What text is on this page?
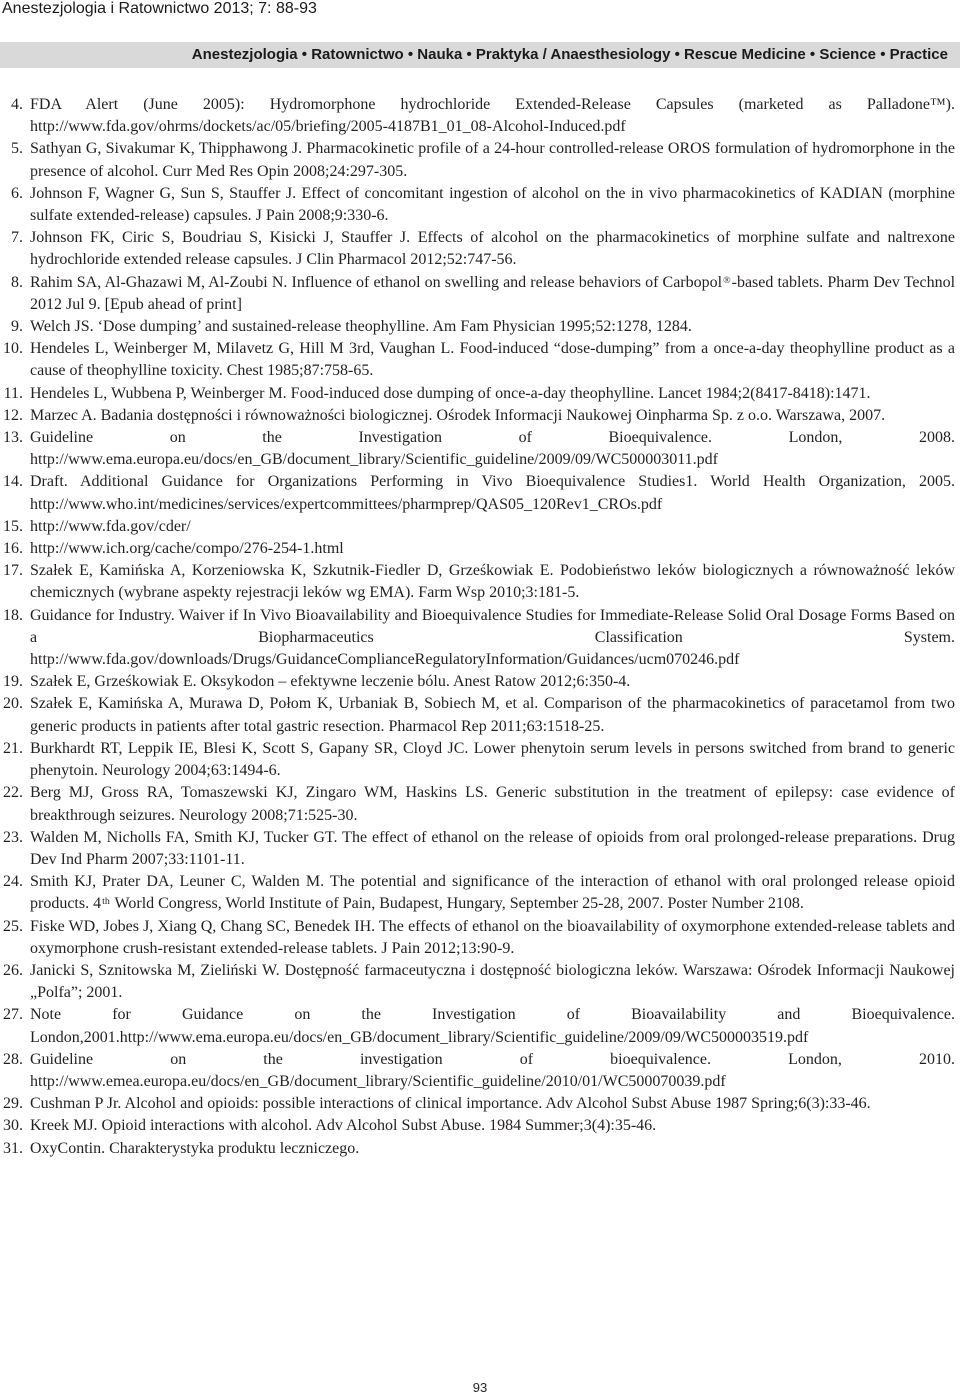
Anestezjologia i Ratownictwo 2013; 7: 88-93
Anestezjologia • Ratownictwo • Nauka • Praktyka / Anaesthesiology • Rescue Medicine • Science • Practice
4. FDA Alert (June 2005): Hydromorphone hydrochloride Extended-Release Capsules (marketed as Palladone™). http://www.fda.gov/ohrms/dockets/ac/05/briefing/2005-4187B1_01_08-Alcohol-Induced.pdf
5. Sathyan G, Sivakumar K, Thipphawong J. Pharmacokinetic profile of a 24-hour controlled-release OROS formulation of hydromorphone in the presence of alcohol. Curr Med Res Opin 2008;24:297-305.
6. Johnson F, Wagner G, Sun S, Stauffer J. Effect of concomitant ingestion of alcohol on the in vivo pharmacokinetics of KADIAN (morphine sulfate extended-release) capsules. J Pain 2008;9:330-6.
7. Johnson FK, Ciric S, Boudriau S, Kisicki J, Stauffer J. Effects of alcohol on the pharmacokinetics of morphine sulfate and naltrexone hydrochloride extended release capsules. J Clin Pharmacol 2012;52:747-56.
8. Rahim SA, Al-Ghazawi M, Al-Zoubi N. Influence of ethanol on swelling and release behaviors of Carbopol®-based tablets. Pharm Dev Technol 2012 Jul 9. [Epub ahead of print]
9. Welch JS. ‘Dose dumping’ and sustained-release theophylline. Am Fam Physician 1995;52:1278, 1284.
10. Hendeles L, Weinberger M, Milavetz G, Hill M 3rd, Vaughan L. Food-induced “dose-dumping” from a once-a-day theophylline product as a cause of theophylline toxicity. Chest 1985;87:758-65.
11. Hendeles L, Wubbena P, Weinberger M. Food-induced dose dumping of once-a-day theophylline. Lancet 1984;2(8417-8418):1471.
12. Marzec A. Badania dostępności i równoważności biologicznej. Ośrodek Informacji Naukowej Oinpharma Sp. z o.o. Warszawa, 2007.
13. Guideline on the Investigation of Bioequivalence. London, 2008. http://www.ema.europa.eu/docs/en_GB/document_library/Scientific_guideline/2009/09/WC500003011.pdf
14. Draft. Additional Guidance for Organizations Performing in Vivo Bioequivalence Studies1. World Health Organization, 2005. http://www.who.int/medicines/services/expertcommittees/pharmprep/QAS05_120Rev1_CROs.pdf
15. http://www.fda.gov/cder/
16. http://www.ich.org/cache/compo/276-254-1.html
17. Szałek E, Kamińska A, Korzeniowska K, Szkutnik-Fiedler D, Grześkowiak E. Podobieństwo leków biologicznych a równoważność leków chemicznych (wybrane aspekty rejestracji leków wg EMA). Farm Wsp 2010;3:181-5.
18. Guidance for Industry. Waiver if In Vivo Bioavailability and Bioequivalence Studies for Immediate-Release Solid Oral Dosage Forms Based on a Biopharmaceutics Classification System. http://www.fda.gov/downloads/Drugs/GuidanceComplianceRegulatoryInformation/Guidances/ucm070246.pdf
19. Szałek E, Grześkowiak E. Oksykodon – efektywne leczenie bólu. Anest Ratow 2012;6:350-4.
20. Szałek E, Kamińska A, Murawa D, Połom K, Urbaniak B, Sobiech M, et al. Comparison of the pharmacokinetics of paracetamol from two generic products in patients after total gastric resection. Pharmacol Rep 2011;63:1518-25.
21. Burkhardt RT, Leppik IE, Blesi K, Scott S, Gapany SR, Cloyd JC. Lower phenytoin serum levels in persons switched from brand to generic phenytoin. Neurology 2004;63:1494-6.
22. Berg MJ, Gross RA, Tomaszewski KJ, Zingaro WM, Haskins LS. Generic substitution in the treatment of epilepsy: case evidence of breakthrough seizures. Neurology 2008;71:525-30.
23. Walden M, Nicholls FA, Smith KJ, Tucker GT. The effect of ethanol on the release of opioids from oral prolonged-release preparations. Drug Dev Ind Pharm 2007;33:1101-11.
24. Smith KJ, Prater DA, Leuner C, Walden M. The potential and significance of the interaction of ethanol with oral prolonged release opioid products. 4th World Congress, World Institute of Pain, Budapest, Hungary, September 25-28, 2007. Poster Number 2108.
25. Fiske WD, Jobes J, Xiang Q, Chang SC, Benedek IH. The effects of ethanol on the bioavailability of oxymorphone extended-release tablets and oxymorphone crush-resistant extended-release tablets. J Pain 2012;13:90-9.
26. Janicki S, Sznitowska M, Zieliński W. Dostępność farmaceutyczna i dostępność biologiczna leków. Warszawa: Ośrodek Informacji Naukowej „Polfa”; 2001.
27. Note for Guidance on the Investigation of Bioavailability and Bioequivalence. London,2001.http://www.ema.europa.eu/docs/en_GB/document_library/Scientific_guideline/2009/09/WC500003519.pdf
28. Guideline on the investigation of bioequivalence. London, 2010. http://www.emea.europa.eu/docs/en_GB/document_library/Scientific_guideline/2010/01/WC500070039.pdf
29. Cushman P Jr. Alcohol and opioids: possible interactions of clinical importance. Adv Alcohol Subst Abuse 1987 Spring;6(3):33-46.
30. Kreek MJ. Opioid interactions with alcohol. Adv Alcohol Subst Abuse. 1984 Summer;3(4):35-46.
31. OxyContin. Charakterystyka produktu leczniczego.
93
